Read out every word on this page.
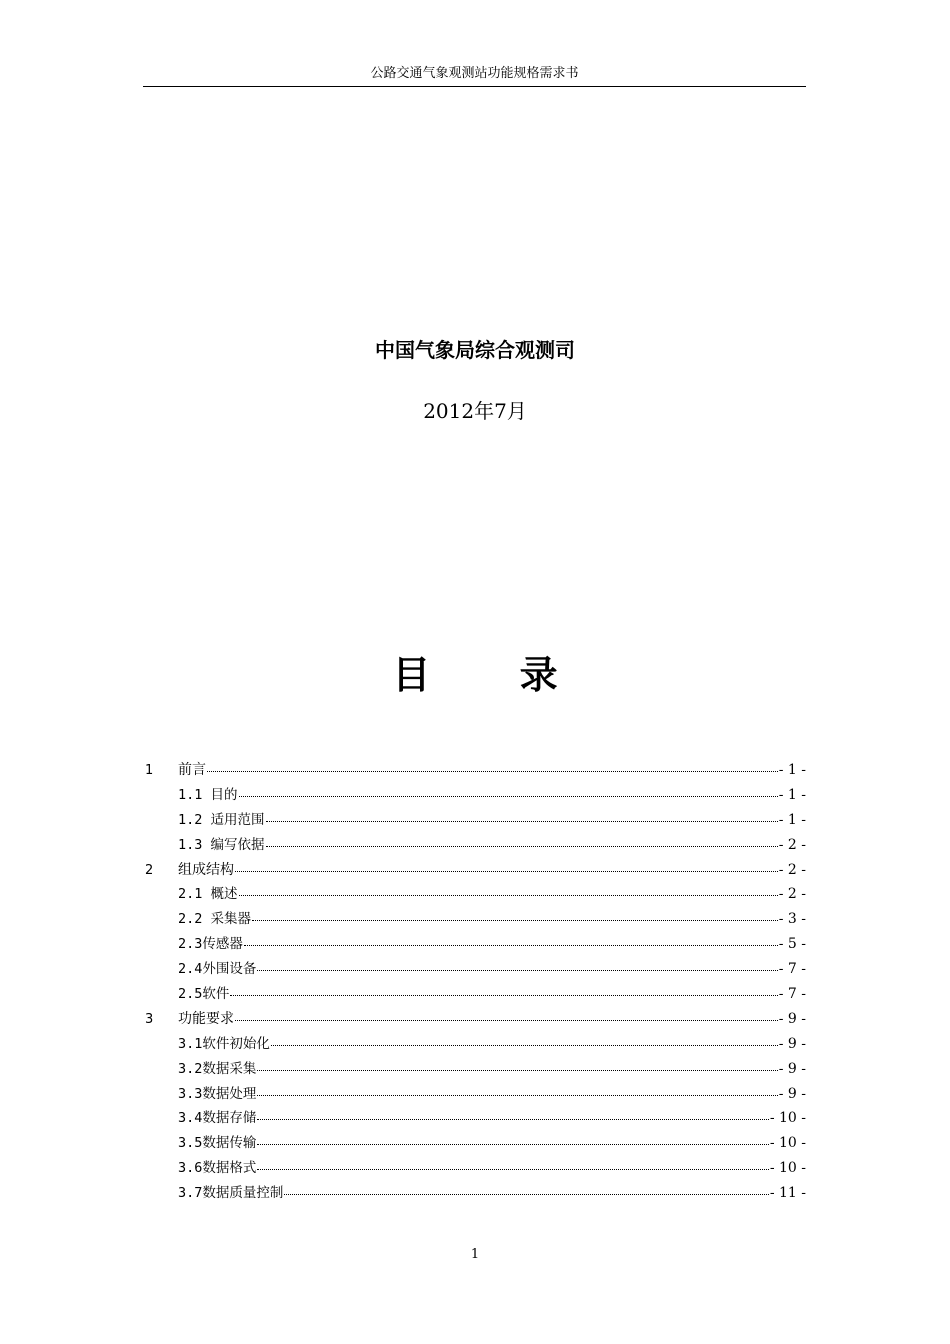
公路交通气象观测站功能规格需求书
中国气象局综合观测司
2012年7月
目 录
1	前言	- 1 -
1.1 目的	- 1 -
1.2 适用范围	- 1 -
1.3 编写依据	- 2 -
2	组成结构	- 2 -
2.1 概述	- 2 -
2.2 采集器	- 3 -
2.3传感器	- 5 -
2.4外围设备	- 7 -
2.5软件	- 7 -
3	功能要求	- 9 -
3.1软件初始化	- 9 -
3.2数据采集	- 9 -
3.3数据处理	- 9 -
3.4数据存储	- 10 -
3.5数据传输	- 10 -
3.6数据格式	- 10 -
3.7数据质量控制	- 11 -
1
